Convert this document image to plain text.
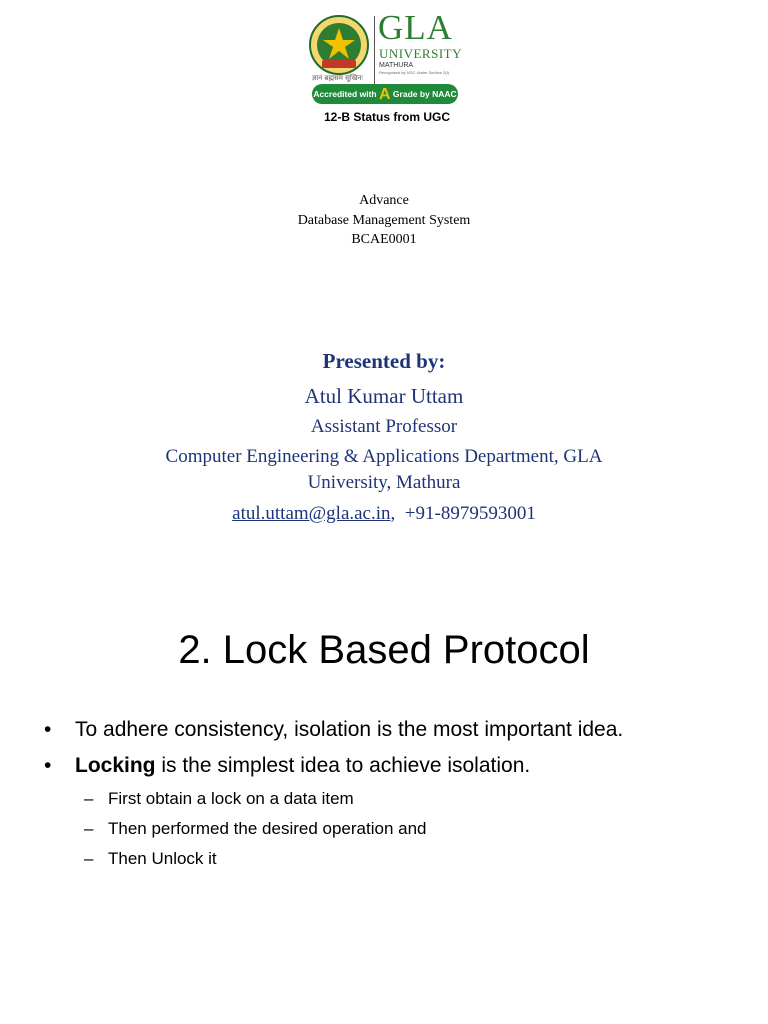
ज्ञानं ब्रह्मसमं सुखिनः
GLA
UNIVERSITY
MATHURA
Recognised by UGC Under Section 2(f)
Accredited with A Grade by NAAC
12-B Status from UGC
Advance
Database Management System
BCAE0001
Presented by:
Atul Kumar Uttam
Assistant Professor
Computer Engineering & Applications Department, GLA
University, Mathura
atul.uttam@gla.ac.in, +91-8979593001
2. Lock Based Protocol
• To adhere consistency, isolation is the most important idea.
• Locking is the simplest idea to achieve isolation.
– First obtain a lock on a data item
– Then performed the desired operation and
– Then Unlock it
